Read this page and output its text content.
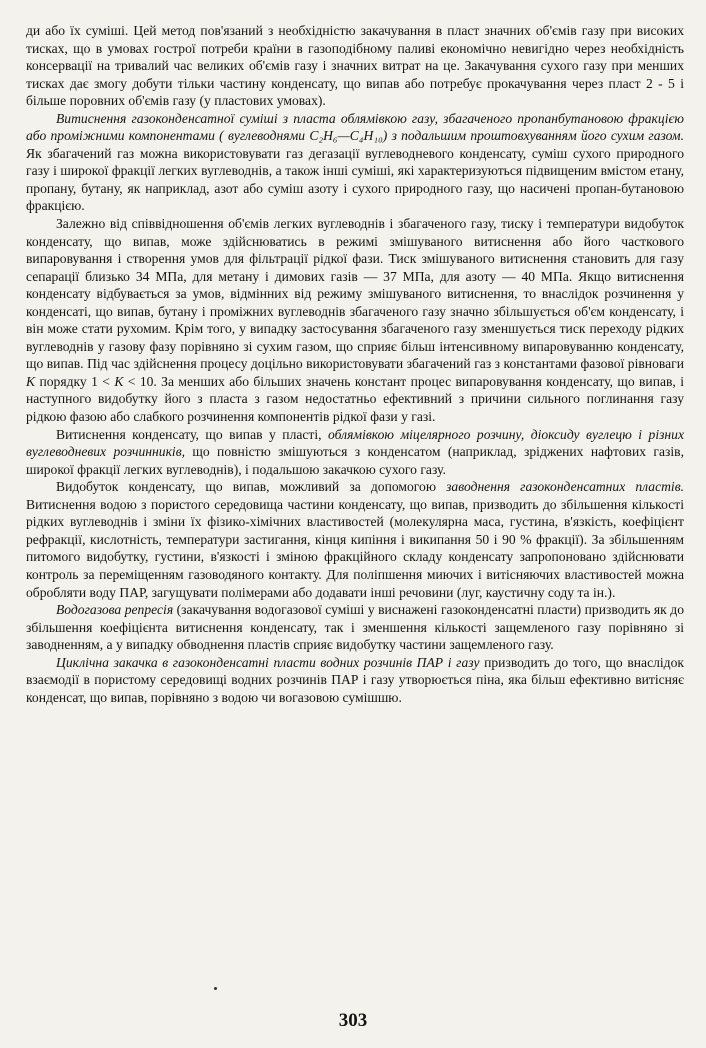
ди або їх суміші. Цей метод пов'язаний з необхідністю закачування в пласт значних об'ємів газу при високих тисках, що в умовах гострої потреби країни в газоподібному паливі економічно невигідно через необхідність консервації на тривалий час великих об'ємів газу і значних витрат на це. Закачування сухого газу при менших тисках дає змогу добути тільки частину конденсату, що випав або потребує прокачування через пласт 2 - 5 і більше поровних об'ємів газу (у пластових умовах).

Витиснення газоконденсатної суміші з пласта облямівкою газу, збагаченого пропанбутановою фракцією або проміжними компонентами ( вуглеводнями C₂H₆—C₄H₁₀) з подальшим проштовхуванням його сухим газом. Як збагачений газ можна використовувати газ дегазації вуглеводневого конденсату, суміш сухого природного газу і широкої фракції легких вуглеводнів, а також інші суміші, які характеризуються підвищеним вмістом етану, пропану, бутану, як наприклад, азот або суміш азоту і сухого природного газу, що насичені пропан-бутановою фракцією.

Залежно від співвідношення об'ємів легких вуглеводнів і збагаченого газу, тиску і температури видобуток конденсату, що випав, може здійснюватись в режимі змішуваного витиснення або його часткового випаровування і створення умов для фільтрації рідкої фази. Тиск змішуваного витиснення становить для газу сепарації близько 34 МПа, для метану і димових газів — 37 МПа, для азоту — 40 МПа. Якщо витиснення конденсату відбувається за умов, відмінних від режиму змішуваного витиснення, то внаслідок розчинення у конденсаті, що випав, бутану і проміжних вуглеводнів збагаченого газу значно збільшується об'єм конденсату, і він може стати рухомим. Крім того, у випадку застосування збагаченого газу зменшується тиск переходу рідких вуглеводнів у газову фазу порівняно зі сухим газом, що сприяє більш інтенсивному випаровуванню конденсату, що випав. Під час здійснення процесу доцільно використовувати збагачений газ з константами фазової рівноваги K порядку 1 < K < 10. За менших або більших значень констант процес випаровування конденсату, що випав, і наступного видобутку його з пласта з газом недостатньо ефективний з причини сильного поглинання газу рідкою фазою або слабкого розчинення компонентів рідкої фази у газі.

Витиснення конденсату, що випав у пласті, облямівкою міцелярного розчину, діоксиду вуглецю і різних вуглеводневих розчинників, що повністю змішуються з конденсатом (наприклад, зріджених нафтових газів, широкої фракції легких вуглеводнів), і подальшою закачкою сухого газу.

Видобуток конденсату, що випав, можливий за допомогою заводнення газоконденсатних пластів. Витиснення водою з пористого середовища частини конденсату, що випав, призводить до збільшення кількості рідких вуглеводнів і зміни їх фізико-хімічних властивостей (молекулярна маса, густина, в'язкість, коефіцієнт рефракції, кислотність, температури застигання, кінця кипіння і википання 50 і 90 % фракції). За збільшенням питомого видобутку, густини, в'язкості і зміною фракційного складу конденсату запропоновано здійснювати контроль за переміщенням газоводяного контакту. Для поліпшення миючих і витісняючих властивостей можна обробляти воду ПАР, загущувати полімерами або додавати інші речовини (луг, каустичну соду та ін.).

Водогазова репресія (закачування водогазової суміші у виснажені газоконденсатні пласти) призводить як до збільшення коефіцієнта витиснення конденсату, так і зменшення кількості защемленого газу порівняно зі заводненням, а у випадку обводнення пластів сприяє видобутку частини защемленого газу.

Циклічна закачка в газоконденсатні пласти водних розчинів ПАР і газу призводить до того, що внаслідок взаємодії в пористому середовищі водних розчинів ПАР і газу утворюється піна, яка більш ефективно витісняє конденсат, що випав, порівняно з водою чи вогазовою сумішшю.

303
